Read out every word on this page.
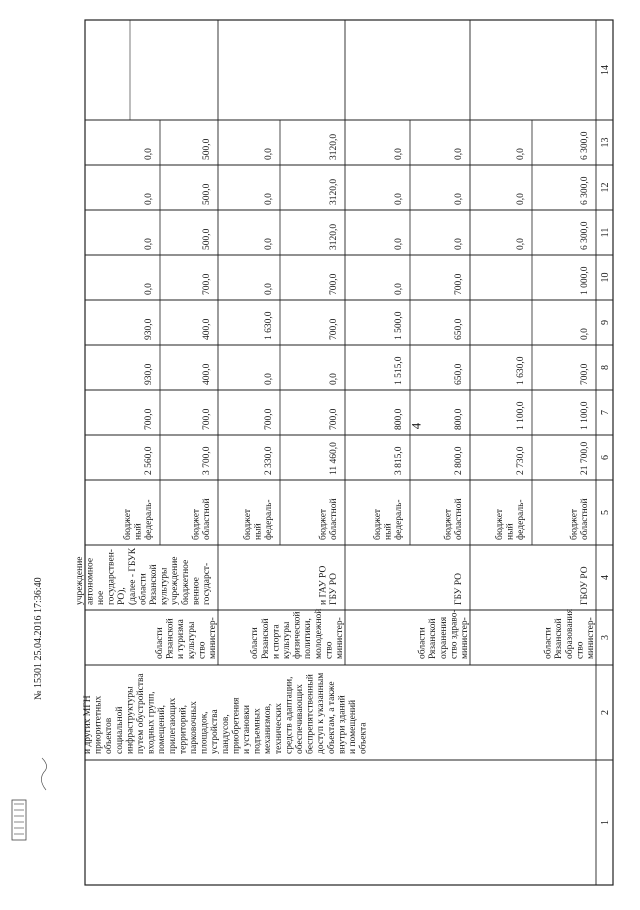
14
13
12
11
10
9
8
7
6
5
4
3
2
1
и других МГН приоритетных объектов социальной инфраструктуры путем обустройства входных групп, помещений, прилегающих территорий, парковочных площадок, устройства пандусов, приобретения и установки подъемных механизмов, технических средств адаптации, обеспечивающих беспрепятственный доступ к указанным объектам, а также внутри зданий и помещений объекта
министер-
ство
образования
Рязанской
области
ГБОУ РО
областной
бюджет
21 700,0
1 100,0
700,0
0,0
1 000,0
6 300,0
6 300,0
6 300,0
федераль-
ный
бюджет
2 730,0
1 100,0
1 630,0
0,0
0,0
0,0
министер-
ство здраво-
охранения
Рязанской
области
ГБУ РО
областной
бюджет
2 800,0
800,0
650,0
650,0
700,0
0,0
0,0
0,0
федераль-
ный
бюджет
3 815,0
800,0
1 515,0
1 500,0
0,0
0,0
0,0
0,0
министер-
ство
молодежной
политики,
физической
культуры
и спорта
Рязанской
области
ГБУ РО
и ГАУ РО
областной
бюджет
11 460,0
700,0
0,0
700,0
700,0
3120,0
3120,0
3120,0
федераль-
ный
бюджет
2 330,0
700,0
0,0
1 630,0
0,0
0,0
0,0
0,0
министер-
ство
культуры
и туризма
Рязанской
области
государст-
венное
бюджетное
учреждение
культуры
Рязанской
области
(далее - ГБУК
РО),
государствен-
ное
автономное
учреждение
областной
бюджет
3 700,0
700,0
400,0
400,0
700,0
500,0
500,0
500,0
федераль-
ный
бюджет
2 560,0
700,0
930,0
930,0
0,0
0,0
0,0
0,0
№ 15301 25.04.2016 17:36:40
4
